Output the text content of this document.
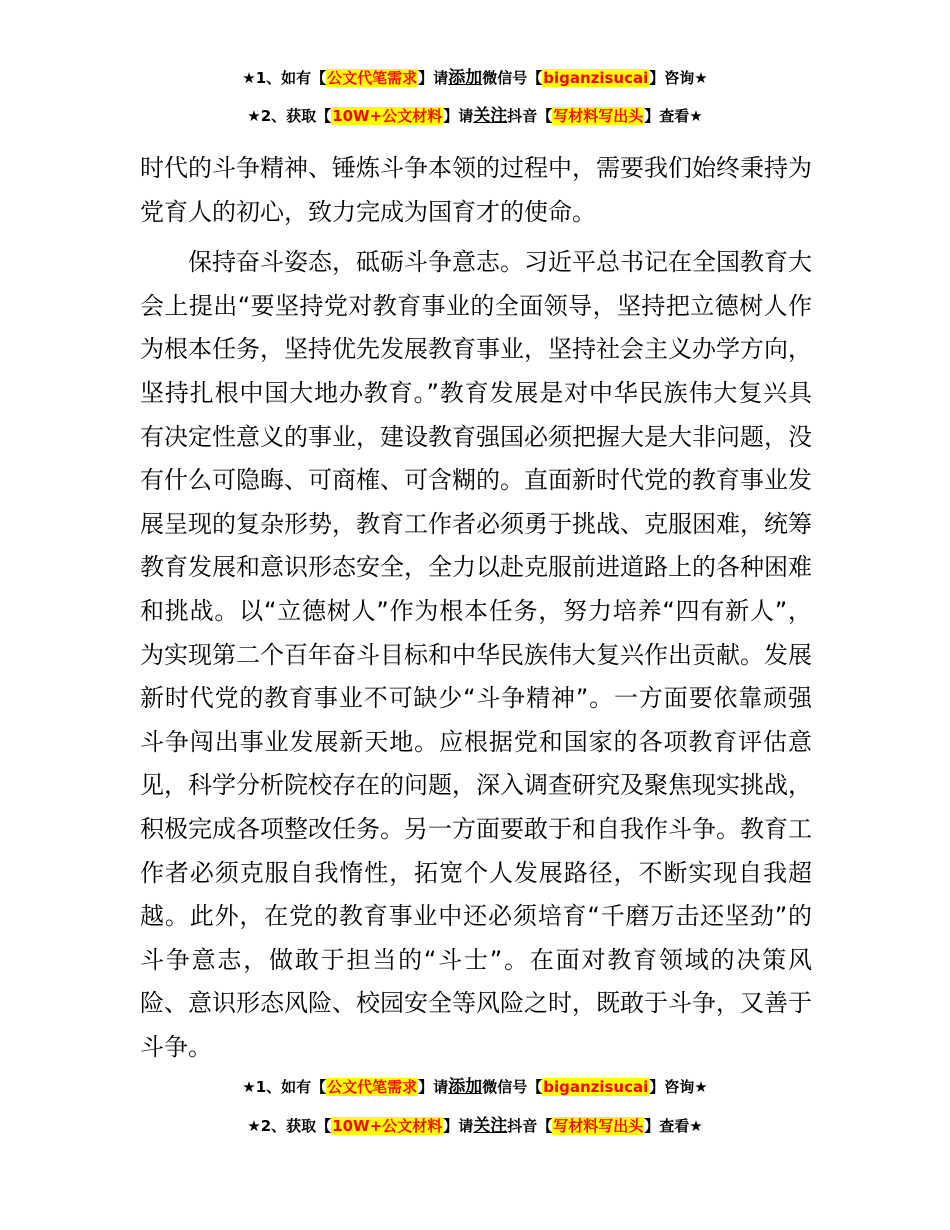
★1、如有【公文代笔需求】请添加微信号【biganzisucai】咨询★
★2、获取【10W+公文材料】请关注抖音【写材料写出头】查看★

时代的斗争精神、锤炼斗争本领的过程中，需要我们始终秉持为党育人的初心，致力完成为国育才的使命。

保持奋斗姿态，砥砺斗争意志。习近平总书记在全国教育大会上提出“要坚持党对教育事业的全面领导，坚持把立德树人作为根本任务，坚持优先发展教育事业，坚持社会主义办学方向，坚持扎根中国大地办教育。”教育发展是对中华民族伟大复兴具有决定性意义的事业，建设教育强国必须把握大是大非问题，没有什么可隐晦、可商榷、可含糊的。直面新时代党的教育事业发展呈现的复杂形势，教育工作者必须勇于挑战、克服困难，统筹教育发展和意识形态安全，全力以赴克服前进道路上的各种困难和挑战。以“立德树人”作为根本任务，努力培养“四有新人”，为实现第二个百年奋斗目标和中华民族伟大复兴作出贡献。发展新时代党的教育事业不可缺少“斗争精神”。一方面要依靠顽强斗争闯出事业发展新天地。应根据党和国家的各项教育评估意见，科学分析院校存在的问题，深入调查研究及聚焦现实挑战，积极完成各项整改任务。另一方面要敢于和自我作斗争。教育工作者必须克服自我惰性，拓宽个人发展路径，不断实现自我超越。此外，在党的教育事业中还必须培育“千磨万击还坚劲”的斗争意志，做敢于担当的“斗士”。在面对教育领域的决策风险、意识形态风险、校园安全等风险之时，既敢于斗争，又善于斗争。

★1、如有【公文代笔需求】请添加微信号【biganzisucai】咨询★
★2、获取【10W+公文材料】请关注抖音【写材料写出头】查看★
